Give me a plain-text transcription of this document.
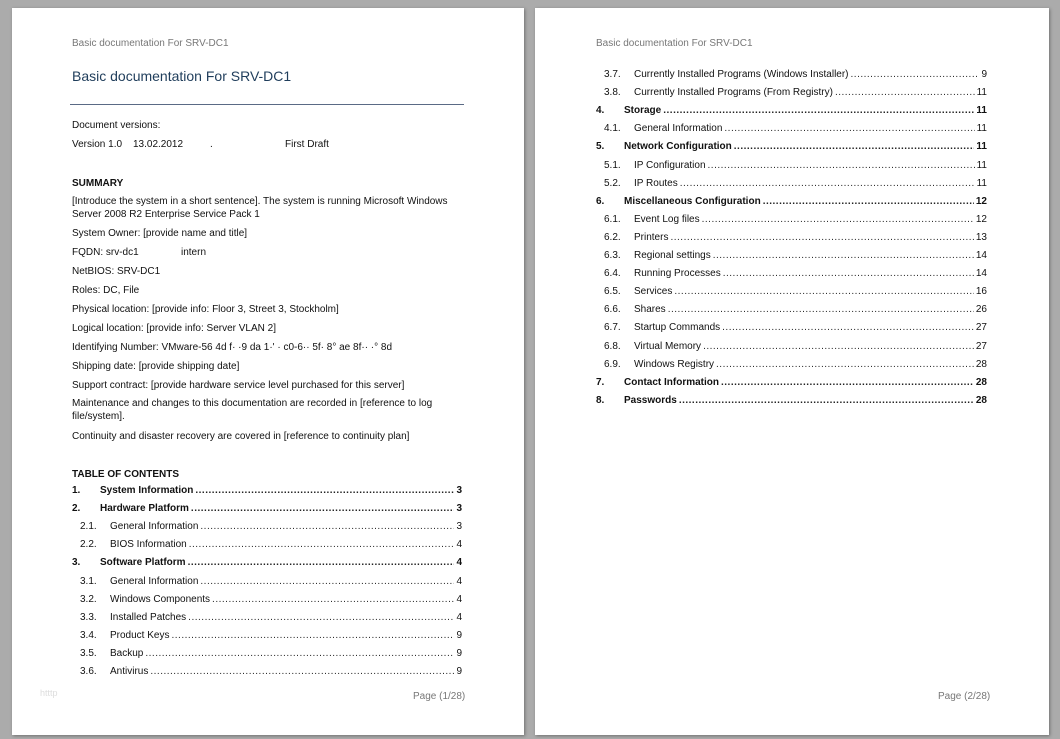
Basic documentation For SRV-DC1
Basic documentation For SRV-DC1
Document versions:
Version 1.0 13.02.2012	.	First Draft
SUMMARY
[Introduce the system in a short sentence]. The system is running Microsoft Windows Server 2008 R2 Enterprise Service Pack 1
System Owner: [provide name and title]
FQDN: srv-dc1	intern
NetBIOS: SRV-DC1
Roles: DC, File
Physical location: [provide info: Floor 3, Street 3, Stockholm]
Logical location: [provide info: Server VLAN 2]
Identifying Number: VMware-56 4d f· ·9 da 1·' · c0-6·· 5f· 8° ae 8f·· ·° 8d
Shipping date: [provide shipping date]
Support contract: [provide hardware service level purchased for this server]
Maintenance and changes to this documentation are recorded in [reference to log file/system].
Continuity and disaster recovery are covered in [reference to continuity plan]
TABLE OF CONTENTS
1.	System Information .....	3
2.	Hardware Platform .....	3
2.1.	General Information .....	3
2.2.	BIOS Information .....	4
3.	Software Platform .....	4
3.1.	General Information .....	4
3.2.	Windows Components .....	4
3.3.	Installed Patches .....	4
3.4.	Product Keys .....	9
3.5.	Backup .....	9
3.6.	Antivirus .....	9
htttp	Page (1/28)
Basic documentation For SRV-DC1
3.7.	Currently Installed Programs (Windows Installer) .....	9
3.8.	Currently Installed Programs (From Registry) .....	11
4.	Storage .....	11
4.1.	General Information .....	11
5.	Network Configuration .....	11
5.1.	IP Configuration .....	11
5.2.	IP Routes .....	11
6.	Miscellaneous Configuration .....	12
6.1.	Event Log files .....	12
6.2.	Printers .....	13
6.3.	Regional settings .....	14
6.4.	Running Processes .....	14
6.5.	Services .....	16
6.6.	Shares .....	26
6.7.	Startup Commands .....	27
6.8.	Virtual Memory .....	27
6.9.	Windows Registry .....	28
7.	Contact Information .....	28
8.	Passwords .....	28
Page (2/28)
